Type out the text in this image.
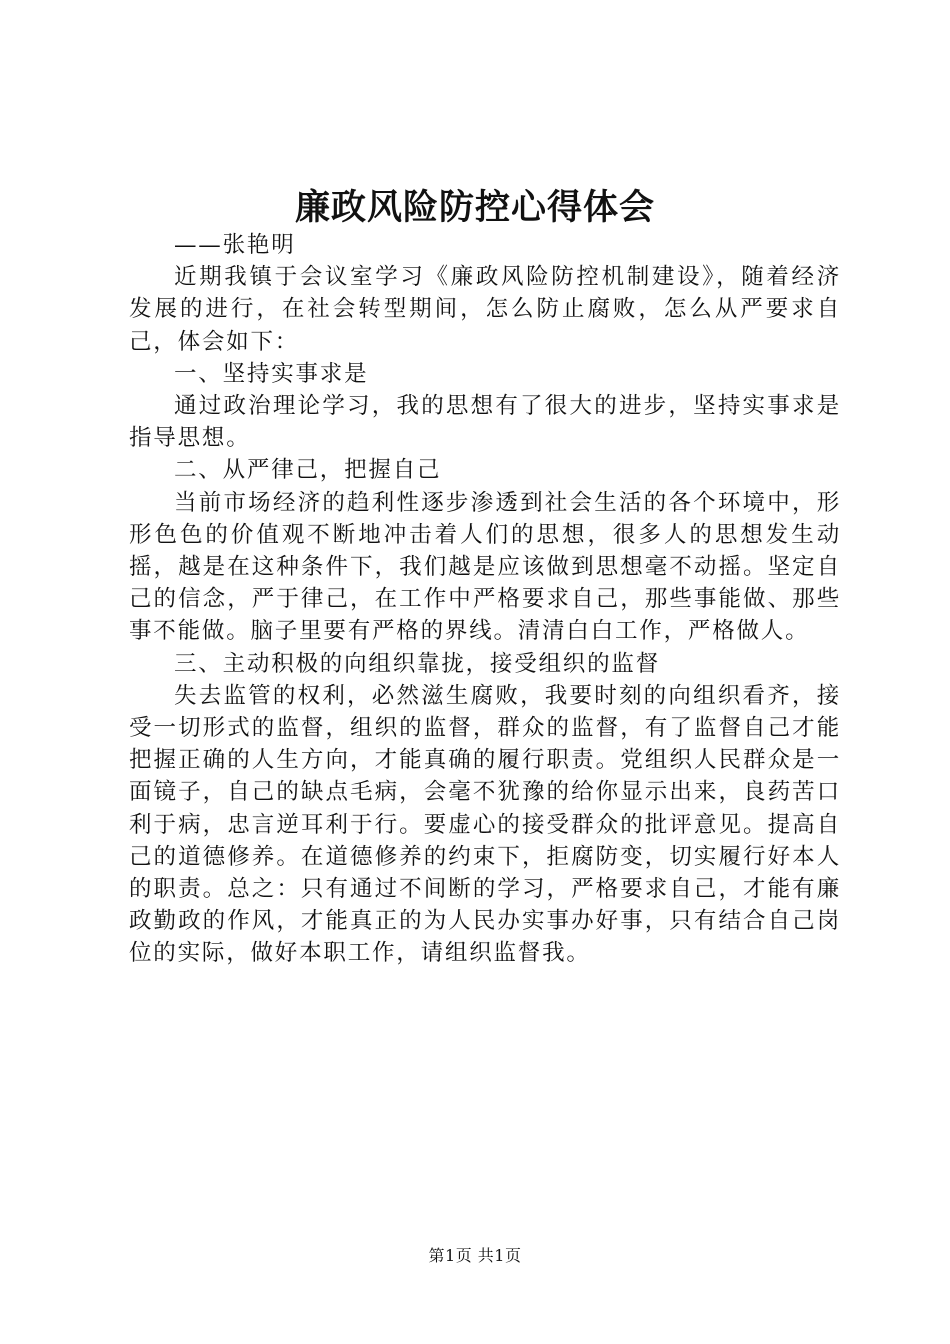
廉政风险防控心得体会

——张艳明

近期我镇于会议室学习《廉政风险防控机制建设》，随着经济发展的进行，在社会转型期间，怎么防止腐败，怎么从严要求自己，体会如下：

一、坚持实事求是

通过政治理论学习，我的思想有了很大的进步，坚持实事求是指导思想。

二、从严律己，把握自己

当前市场经济的趋利性逐步渗透到社会生活的各个环境中，形形色色的价值观不断地冲击着人们的思想，很多人的思想发生动摇，越是在这种条件下，我们越是应该做到思想毫不动摇。坚定自己的信念，严于律己，在工作中严格要求自己，那些事能做、那些事不能做。脑子里要有严格的界线。清清白白工作，严格做人。

三、主动积极的向组织靠拢，接受组织的监督

失去监管的权利，必然滋生腐败，我要时刻的向组织看齐，接受一切形式的监督，组织的监督，群众的监督，有了监督自己才能把握正确的人生方向，才能真确的履行职责。党组织人民群众是一面镜子，自己的缺点毛病，会毫不犹豫的给你显示出来，良药苦口利于病，忠言逆耳利于行。要虚心的接受群众的批评意见。提高自己的道德修养。在道德修养的约束下，拒腐防变，切实履行好本人的职责。总之：只有通过不间断的学习，严格要求自己，才能有廉政勤政的作风，才能真正的为人民办实事办好事，只有结合自己岗位的实际，做好本职工作，请组织监督我。

第1页 共1页
